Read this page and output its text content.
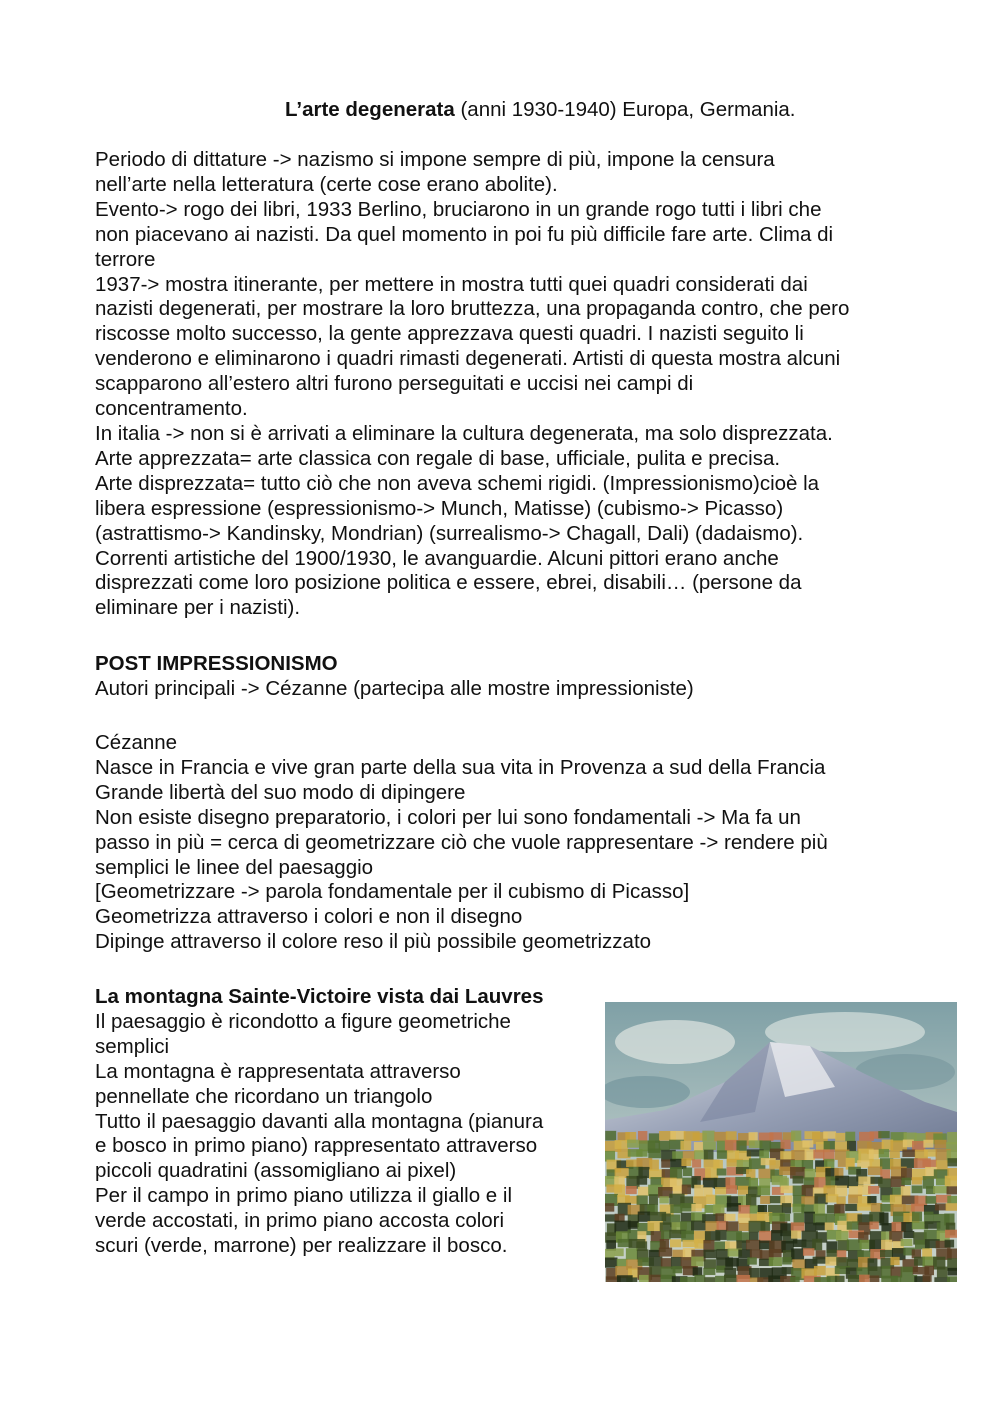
L’arte degenerata (anni 1930-1940) Europa, Germania.

Periodo di dittature -> nazismo si impone sempre di più, impone la censura

nell’arte nella letteratura (certe cose erano abolite).

Evento-> rogo dei libri, 1933 Berlino, bruciarono in un grande rogo tutti i libri che

non piacevano ai nazisti. Da quel momento in poi fu più difficile fare arte. Clima di

terrore

1937-> mostra itinerante, per mettere in mostra tutti quei quadri considerati dai

nazisti degenerati, per mostrare la loro bruttezza, una propaganda contro, che pero

riscosse molto successo, la gente apprezzava questi quadri. I nazisti seguito li

venderono e eliminarono i quadri rimasti degenerati. Artisti di questa mostra alcuni

scapparono all’estero altri furono perseguitati e uccisi nei campi di

concentramento.

In italia -> non si è arrivati a eliminare la cultura degenerata, ma solo disprezzata.

Arte apprezzata= arte classica con regale di base, ufficiale, pulita e precisa.

Arte disprezzata= tutto ciò che non aveva schemi rigidi. (Impressionismo)cioè la

libera espressione (espressionismo-> Munch, Matisse) (cubismo-> Picasso)

(astrattismo-> Kandinsky, Mondrian) (surrealismo-> Chagall, Dali) (dadaismo).

Correnti artistiche del 1900/1930, le avanguardie. Alcuni pittori erano anche

disprezzati come loro posizione politica e essere, ebrei, disabili… (persone da

eliminare per i nazisti).

POST IMPRESSIONISMO

Autori principali -> Cézanne (partecipa alle mostre impressioniste)

Cézanne

Nasce in Francia e vive gran parte della sua vita in Provenza a sud della Francia

Grande libertà del suo modo di dipingere

Non esiste disegno preparatorio, i colori per lui sono fondamentali -> Ma fa un

passo in più = cerca di geometrizzare ciò che vuole rappresentare -> rendere più

semplici le linee del paesaggio

[Geometrizzare -> parola fondamentale per il cubismo di Picasso]

Geometrizza attraverso i colori e non il disegno

Dipinge attraverso il colore reso il più possibile geometrizzato

La montagna Sainte-Victoire vista dai Lauvres

Il paesaggio è ricondotto a figure geometriche

semplici

La montagna è rappresentata attraverso

pennellate che ricordano un triangolo

Tutto il paesaggio davanti alla montagna (pianura

e bosco in primo piano) rappresentato attraverso

piccoli quadratini (assomigliano ai pixel)

Per il campo in primo piano utilizza il giallo e il

verde accostati, in primo piano accosta colori

scuri (verde, marrone) per realizzare il bosco.
